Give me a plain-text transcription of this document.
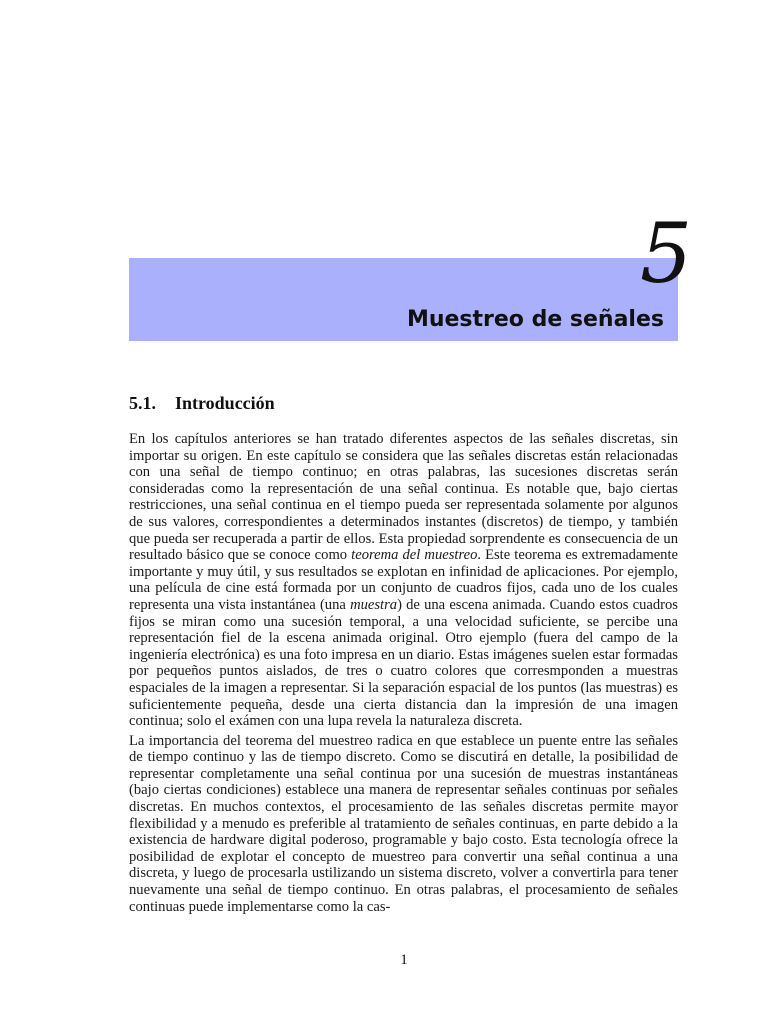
5
Muestreo de señales
5.1. Introducción

En los capítulos anteriores se han tratado diferentes aspectos de las señales discretas, sin importar su origen. En este capítulo se considera que las señales discretas están relacionadas con una señal de tiempo continuo; en otras palabras, las sucesiones discretas serán consideradas como la representación de una señal continua. Es notable que, bajo ciertas restricciones, una señal continua en el tiempo pueda ser representada solamente por algunos de sus valores, correspondientes a determinados instantes (discretos) de tiempo, y también que pueda ser recuperada a partir de ellos. Esta propiedad sorprendente es consecuencia de un resultado básico que se conoce como teorema del muestreo. Este teorema es extremadamente importante y muy útil, y sus resultados se explotan en infinidad de aplicaciones. Por ejemplo, una película de cine está formada por un conjunto de cuadros fijos, cada uno de los cuales representa una vista instantánea (una muestra) de una escena animada. Cuando estos cuadros fijos se miran como una sucesión temporal, a una velocidad suficiente, se percibe una representación fiel de la escena animada original. Otro ejemplo (fuera del campo de la ingeniería electrónica) es una foto impresa en un diario. Estas imágenes suelen estar formadas por pequeños puntos aislados, de tres o cuatro colores que corresmponden a muestras espaciales de la imagen a representar. Si la separación espacial de los puntos (las muestras) es suficientemente pequeña, desde una cierta distancia dan la impresión de una imagen continua; solo el exámen con una lupa revela la naturaleza discreta.

La importancia del teorema del muestreo radica en que establece un puente entre las señales de tiempo continuo y las de tiempo discreto. Como se discutirá en detalle, la posibilidad de representar completamente una señal continua por una sucesión de muestras instantáneas (bajo ciertas condiciones) establece una manera de representar señales continuas por señales discretas. En muchos contextos, el procesamiento de las señales discretas permite mayor flexibilidad y a menudo es preferible al tratamiento de señales continuas, en parte debido a la existencia de hardware digital poderoso, programable y bajo costo. Esta tecnología ofrece la posibilidad de explotar el concepto de muestreo para convertir una señal continua a una discreta, y luego de procesarla ustilizando un sistema discreto, volver a convertirla para tener nuevamente una señal de tiempo continuo. En otras palabras, el procesamiento de señales continuas puede implementarse como la cas-

1
